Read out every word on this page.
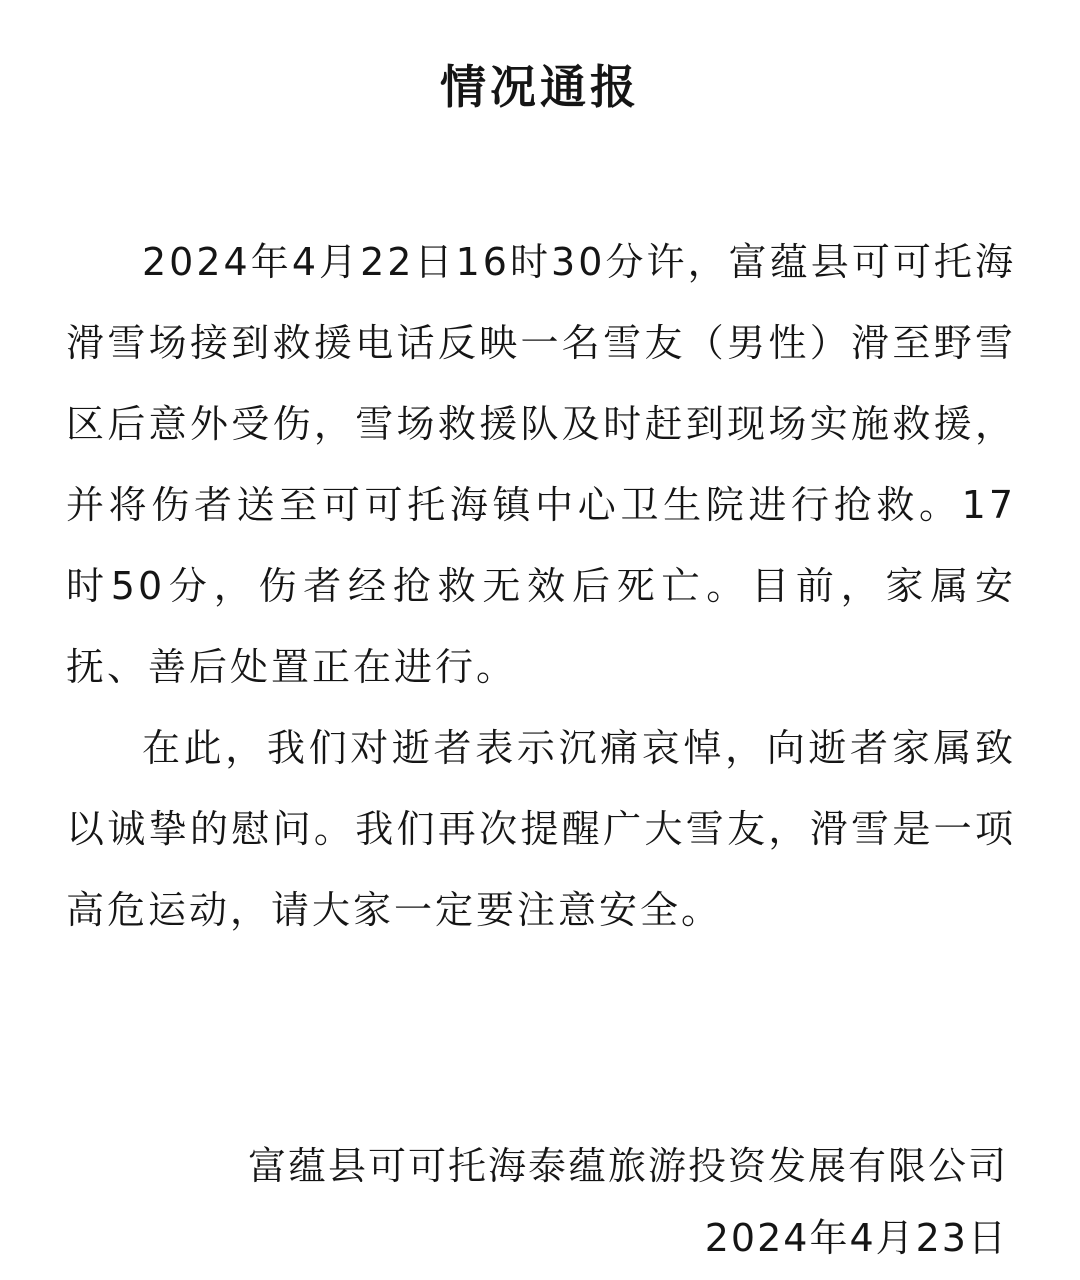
情况通报

2024年4月22日16时30分许，富蕴县可可托海滑雪场接到救援电话反映一名雪友（男性）滑至野雪区后意外受伤，雪场救援队及时赶到现场实施救援，并将伤者送至可可托海镇中心卫生院进行抢救。17时50分，伤者经抢救无效后死亡。目前，家属安抚、善后处置正在进行。

在此，我们对逝者表示沉痛哀悼，向逝者家属致以诚挚的慰问。我们再次提醒广大雪友，滑雪是一项高危运动，请大家一定要注意安全。

富蕴县可可托海泰蕴旅游投资发展有限公司

2024年4月23日
